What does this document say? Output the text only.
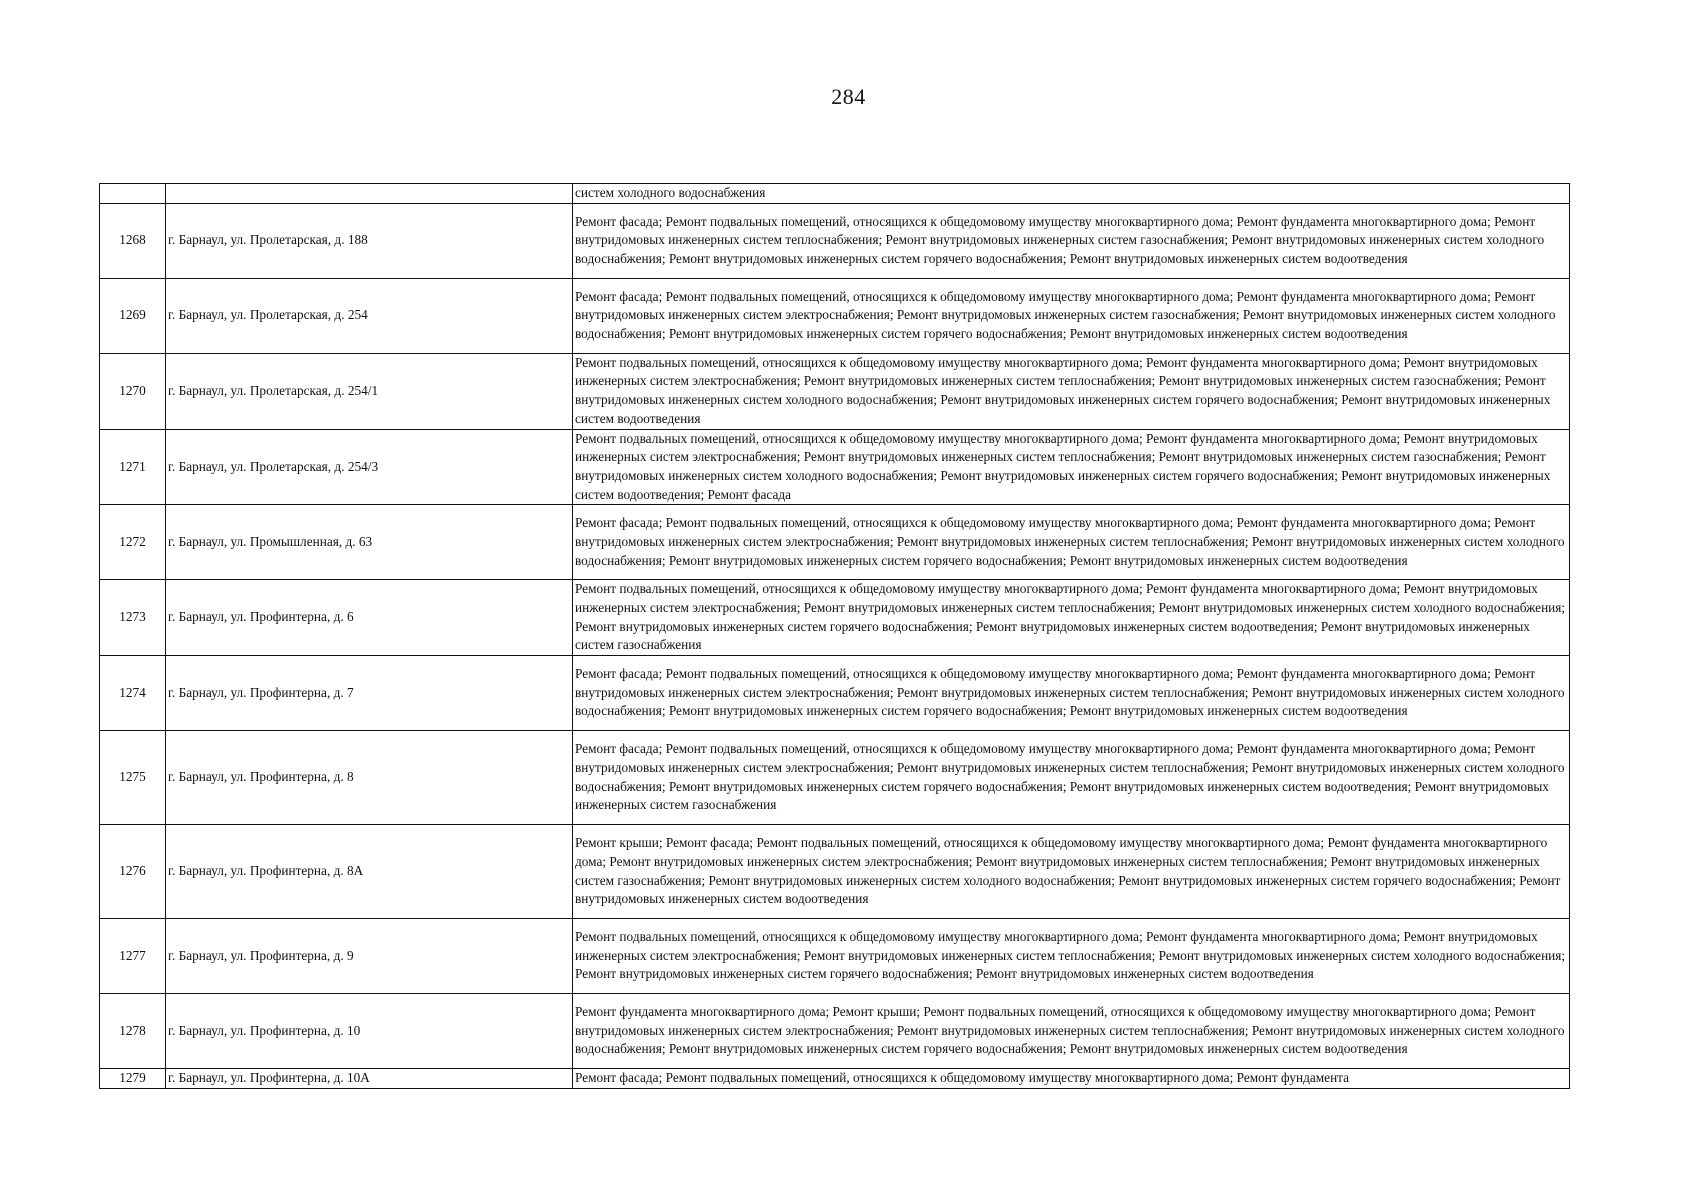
284
		систем холодного водоснабжения
1268	г. Барнаул, ул. Пролетарская, д. 188	Ремонт фасада; Ремонт подвальных помещений, относящихся к общедомовому имуществу многоквартирного дома; Ремонт фундамента многоквартирного дома; Ремонт внутридомовых инженерных систем теплоснабжения; Ремонт внутридомовых инженерных систем газоснабжения; Ремонт внутридомовых инженерных систем холодного водоснабжения; Ремонт внутридомовых инженерных систем горячего водоснабжения; Ремонт внутридомовых инженерных систем водоотведения
1269	г. Барнаул, ул. Пролетарская, д. 254	Ремонт фасада; Ремонт подвальных помещений, относящихся к общедомовому имуществу многоквартирного дома; Ремонт фундамента многоквартирного дома; Ремонт внутридомовых инженерных систем электроснабжения; Ремонт внутридомовых инженерных систем газоснабжения; Ремонт внутридомовых инженерных систем холодного водоснабжения; Ремонт внутридомовых инженерных систем горячего водоснабжения; Ремонт внутридомовых инженерных систем водоотведения
1270	г. Барнаул, ул. Пролетарская, д. 254/1	Ремонт подвальных помещений, относящихся к общедомовому имуществу многоквартирного дома; Ремонт фундамента многоквартирного дома; Ремонт внутридомовых инженерных систем электроснабжения; Ремонт внутридомовых инженерных систем теплоснабжения; Ремонт внутридомовых инженерных систем газоснабжения; Ремонт внутридомовых инженерных систем холодного водоснабжения; Ремонт внутридомовых инженерных систем горячего водоснабжения; Ремонт внутридомовых инженерных систем водоотведения
1271	г. Барнаул, ул. Пролетарская, д. 254/3	Ремонт подвальных помещений, относящихся к общедомовому имуществу многоквартирного дома; Ремонт фундамента многоквартирного дома; Ремонт внутридомовых инженерных систем электроснабжения; Ремонт внутридомовых инженерных систем теплоснабжения; Ремонт внутридомовых инженерных систем газоснабжения; Ремонт внутридомовых инженерных систем холодного водоснабжения; Ремонт внутридомовых инженерных систем горячего водоснабжения; Ремонт внутридомовых инженерных систем водоотведения; Ремонт фасада
1272	г. Барнаул, ул. Промышленная, д. 63	Ремонт фасада; Ремонт подвальных помещений, относящихся к общедомовому имуществу многоквартирного дома; Ремонт фундамента многоквартирного дома; Ремонт внутридомовых инженерных систем электроснабжения; Ремонт внутридомовых инженерных систем теплоснабжения; Ремонт внутридомовых инженерных систем холодного водоснабжения; Ремонт внутридомовых инженерных систем горячего водоснабжения; Ремонт внутридомовых инженерных систем водоотведения
1273	г. Барнаул, ул. Профинтерна, д. 6	Ремонт подвальных помещений, относящихся к общедомовому имуществу многоквартирного дома; Ремонт фундамента многоквартирного дома; Ремонт внутридомовых инженерных систем электроснабжения; Ремонт внутридомовых инженерных систем теплоснабжения; Ремонт внутридомовых инженерных систем холодного водоснабжения; Ремонт внутридомовых инженерных систем горячего водоснабжения; Ремонт внутридомовых инженерных систем водоотведения; Ремонт внутридомовых инженерных систем газоснабжения
1274	г. Барнаул, ул. Профинтерна, д. 7	Ремонт фасада; Ремонт подвальных помещений, относящихся к общедомовому имуществу многоквартирного дома; Ремонт фундамента многоквартирного дома; Ремонт внутридомовых инженерных систем электроснабжения; Ремонт внутридомовых инженерных систем теплоснабжения; Ремонт внутридомовых инженерных систем холодного водоснабжения; Ремонт внутридомовых инженерных систем горячего водоснабжения; Ремонт внутридомовых инженерных систем водоотведения
1275	г. Барнаул, ул. Профинтерна, д. 8	Ремонт фасада; Ремонт подвальных помещений, относящихся к общедомовому имуществу многоквартирного дома; Ремонт фундамента многоквартирного дома; Ремонт внутридомовых инженерных систем электроснабжения; Ремонт внутридомовых инженерных систем теплоснабжения; Ремонт внутридомовых инженерных систем холодного водоснабжения; Ремонт внутридомовых инженерных систем горячего водоснабжения; Ремонт внутридомовых инженерных систем водоотведения; Ремонт внутридомовых инженерных систем газоснабжения
1276	г. Барнаул, ул. Профинтерна, д. 8А	Ремонт крыши; Ремонт фасада; Ремонт подвальных помещений, относящихся к общедомовому имуществу многоквартирного дома; Ремонт фундамента многоквартирного дома; Ремонт внутридомовых инженерных систем электроснабжения; Ремонт внутридомовых инженерных систем теплоснабжения; Ремонт внутридомовых инженерных систем газоснабжения; Ремонт внутридомовых инженерных систем холодного водоснабжения; Ремонт внутридомовых инженерных систем горячего водоснабжения; Ремонт внутридомовых инженерных систем водоотведения
1277	г. Барнаул, ул. Профинтерна, д. 9	Ремонт подвальных помещений, относящихся к общедомовому имуществу многоквартирного дома; Ремонт фундамента многоквартирного дома; Ремонт внутридомовых инженерных систем электроснабжения; Ремонт внутридомовых инженерных систем теплоснабжения; Ремонт внутридомовых инженерных систем холодного водоснабжения; Ремонт внутридомовых инженерных систем горячего водоснабжения; Ремонт внутридомовых инженерных систем водоотведения
1278	г. Барнаул, ул. Профинтерна, д. 10	Ремонт фундамента многоквартирного дома; Ремонт крыши; Ремонт подвальных помещений, относящихся к общедомовому имуществу многоквартирного дома; Ремонт внутридомовых инженерных систем электроснабжения; Ремонт внутридомовых инженерных систем теплоснабжения; Ремонт внутридомовых инженерных систем холодного водоснабжения; Ремонт внутридомовых инженерных систем горячего водоснабжения; Ремонт внутридомовых инженерных систем водоотведения
1279	г. Барнаул, ул. Профинтерна, д. 10А	Ремонт фасада; Ремонт подвальных помещений, относящихся к общедомовому имуществу многоквартирного дома; Ремонт фундамента
